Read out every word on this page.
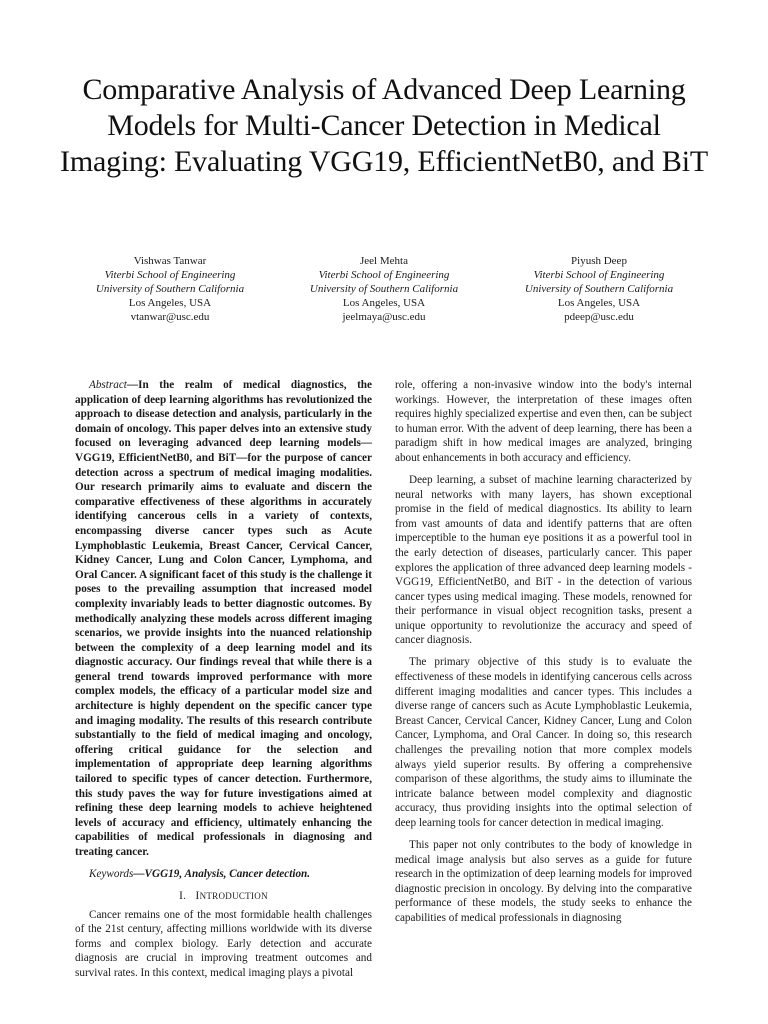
Comparative Analysis of Advanced Deep Learning Models for Multi-Cancer Detection in Medical Imaging: Evaluating VGG19, EfficientNetB0, and BiT
Vishwas Tanwar
Viterbi School of Engineering
University of Southern California
Los Angeles, USA
vtanwar@usc.edu
Jeel Mehta
Viterbi School of Engineering
University of Southern California
Los Angeles, USA
jeelmaya@usc.edu
Piyush Deep
Viterbi School of Engineering
University of Southern California
Los Angeles, USA
pdeep@usc.edu

Abstract—In the realm of medical diagnostics, the application of deep learning algorithms has revolutionized the approach to disease detection and analysis, particularly in the domain of oncology. This paper delves into an extensive study focused on leveraging advanced deep learning models—VGG19, EfficientNetB0, and BiT—for the purpose of cancer detection across a spectrum of medical imaging modalities. Our research primarily aims to evaluate and discern the comparative effectiveness of these algorithms in accurately identifying cancerous cells in a variety of contexts, encompassing diverse cancer types such as Acute Lymphoblastic Leukemia, Breast Cancer, Cervical Cancer, Kidney Cancer, Lung and Colon Cancer, Lymphoma, and Oral Cancer. A significant facet of this study is the challenge it poses to the prevailing assumption that increased model complexity invariably leads to better diagnostic outcomes. By methodically analyzing these models across different imaging scenarios, we provide insights into the nuanced relationship between the complexity of a deep learning model and its diagnostic accuracy. Our findings reveal that while there is a general trend towards improved performance with more complex models, the efficacy of a particular model size and architecture is highly dependent on the specific cancer type and imaging modality. The results of this research contribute substantially to the field of medical imaging and oncology, offering critical guidance for the selection and implementation of appropriate deep learning algorithms tailored to specific types of cancer detection. Furthermore, this study paves the way for future investigations aimed at refining these deep learning models to achieve heightened levels of accuracy and efficiency, ultimately enhancing the capabilities of medical professionals in diagnosing and treating cancer.

Keywords—VGG19, Analysis, Cancer detection.

I. INTRODUCTION

Cancer remains one of the most formidable health challenges of the 21st century, affecting millions worldwide with its diverse forms and complex biology. Early detection and accurate diagnosis are crucial in improving treatment outcomes and survival rates. In this context, medical imaging plays a pivotal

role, offering a non-invasive window into the body's internal workings. However, the interpretation of these images often requires highly specialized expertise and even then, can be subject to human error. With the advent of deep learning, there has been a paradigm shift in how medical images are analyzed, bringing about enhancements in both accuracy and efficiency.

Deep learning, a subset of machine learning characterized by neural networks with many layers, has shown exceptional promise in the field of medical diagnostics. Its ability to learn from vast amounts of data and identify patterns that are often imperceptible to the human eye positions it as a powerful tool in the early detection of diseases, particularly cancer. This paper explores the application of three advanced deep learning models - VGG19, EfficientNetB0, and BiT - in the detection of various cancer types using medical imaging. These models, renowned for their performance in visual object recognition tasks, present a unique opportunity to revolutionize the accuracy and speed of cancer diagnosis.

The primary objective of this study is to evaluate the effectiveness of these models in identifying cancerous cells across different imaging modalities and cancer types. This includes a diverse range of cancers such as Acute Lymphoblastic Leukemia, Breast Cancer, Cervical Cancer, Kidney Cancer, Lung and Colon Cancer, Lymphoma, and Oral Cancer. In doing so, this research challenges the prevailing notion that more complex models always yield superior results. By offering a comprehensive comparison of these algorithms, the study aims to illuminate the intricate balance between model complexity and diagnostic accuracy, thus providing insights into the optimal selection of deep learning tools for cancer detection in medical imaging.

This paper not only contributes to the body of knowledge in medical image analysis but also serves as a guide for future research in the optimization of deep learning models for improved diagnostic precision in oncology. By delving into the comparative performance of these models, the study seeks to enhance the capabilities of medical professionals in diagnosing
